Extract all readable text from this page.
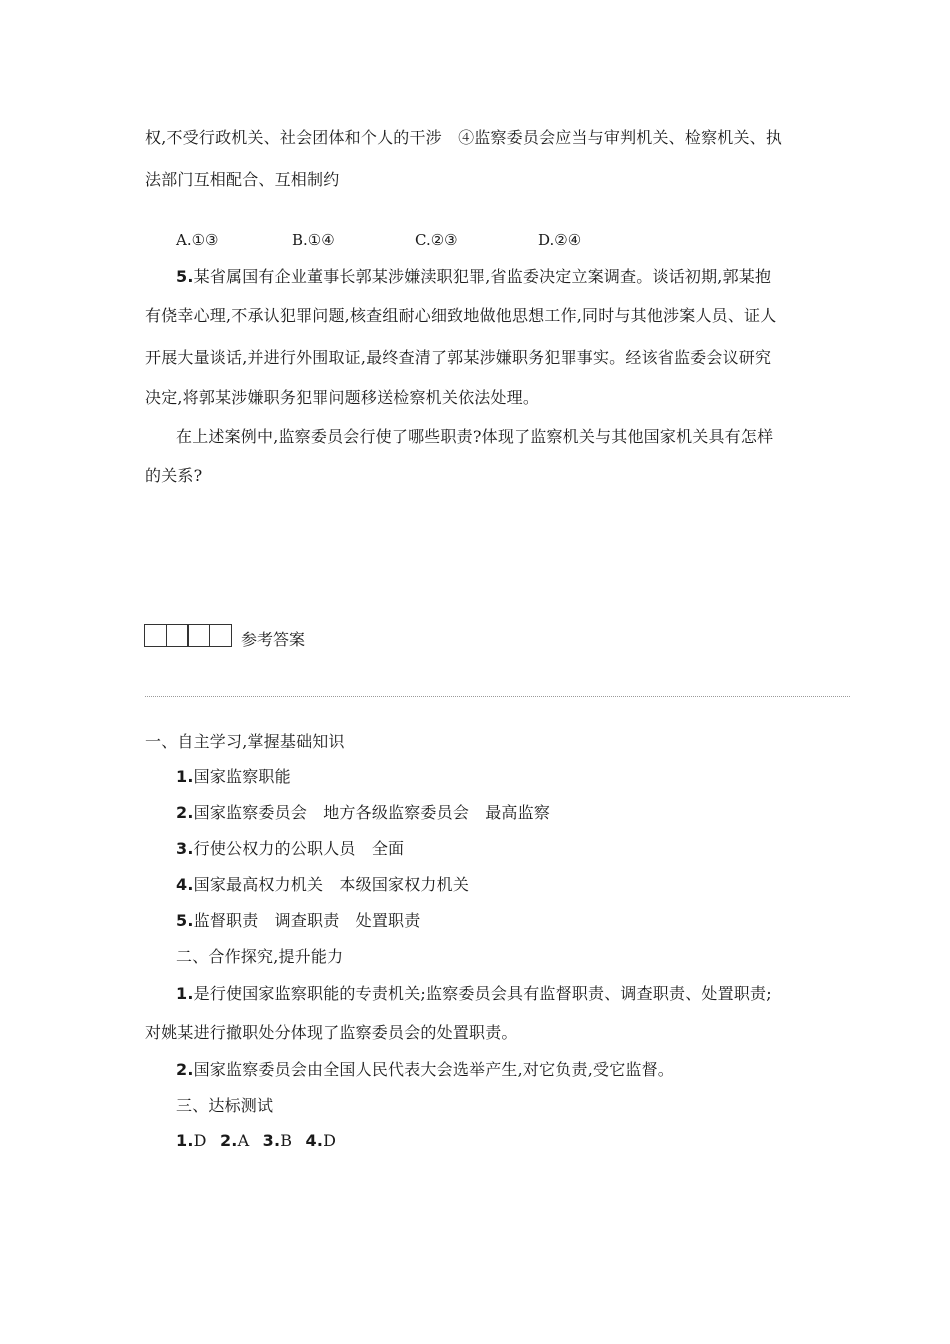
权,不受行政机关、社会团体和个人的干涉　④监察委员会应当与审判机关、检察机关、执
法部门互相配合、互相制约
A.①③	B.①④	C.②③	D.②④
5.某省属国有企业董事长郭某涉嫌渎职犯罪,省监委决定立案调查。谈话初期,郭某抱
有侥幸心理,不承认犯罪问题,核查组耐心细致地做他思想工作,同时与其他涉案人员、证人
开展大量谈话,并进行外围取证,最终查清了郭某涉嫌职务犯罪事实。经该省监委会议研究
决定,将郭某涉嫌职务犯罪问题移送检察机关依法处理。
在上述案例中,监察委员会行使了哪些职责?体现了监察机关与其他国家机关具有怎样
的关系?
参考答案
一、自主学习,掌握基础知识
1.国家监察职能
2.国家监察委员会　地方各级监察委员会　最高监察
3.行使公权力的公职人员　全面
4.国家最高权力机关　本级国家权力机关
5.监督职责　调查职责　处置职责
二、合作探究,提升能力
1.是行使国家监察职能的专责机关;监察委员会具有监督职责、调查职责、处置职责;
对姚某进行撤职处分体现了监察委员会的处置职责。
2.国家监察委员会由全国人民代表大会选举产生,对它负责,受它监督。
三、达标测试
1.D 2.A 3.B 4.D
